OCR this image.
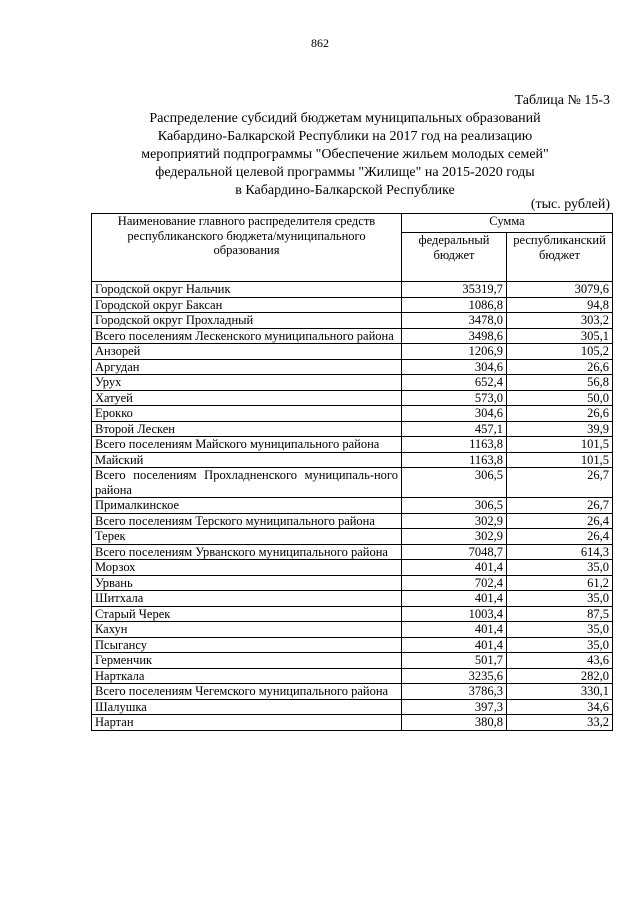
862
Таблица № 15-3
Распределение субсидий бюджетам муниципальных образований
Кабардино-Балкарской Республики на 2017 год на реализацию
мероприятий подпрограммы "Обеспечение жильем молодых семей"
федеральной целевой программы "Жилище" на 2015-2020 годы
в Кабардино-Балкарской Республике
(тыс. рублей)
Наименование главного распределителя средств республиканского бюджета/муниципального образования	Сумма	
	федеральный бюджет	республиканский бюджет
Городской округ Нальчик	35319,7	3079,6
Городской округ Баксан	1086,8	94,8
Городской округ Прохладный	3478,0	303,2
Всего поселениям Лескенского муниципального района	3498,6	305,1
Анзорей	1206,9	105,2
Аргудан	304,6	26,6
Урух	652,4	56,8
Хатуей	573,0	50,0
Ерокко	304,6	26,6
Второй Лескен	457,1	39,9
Всего поселениям Майского муниципального района	1163,8	101,5
Майский	1163,8	101,5
Всего поселениям Прохладненского муниципаль-ного района	306,5	26,7
Прималкинское	306,5	26,7
Всего поселениям Терского муниципального района	302,9	26,4
Терек	302,9	26,4
Всего поселениям Урванского муниципального района	7048,7	614,3
Морзох	401,4	35,0
Урвань	702,4	61,2
Шитхала	401,4	35,0
Старый Черек	1003,4	87,5
Кахун	401,4	35,0
Псыгансу	401,4	35,0
Герменчик	501,7	43,6
Нарткала	3235,6	282,0
Всего поселениям Чегемского муниципального района	3786,3	330,1
Шалушка	397,3	34,6
Нартан	380,8	33,2
